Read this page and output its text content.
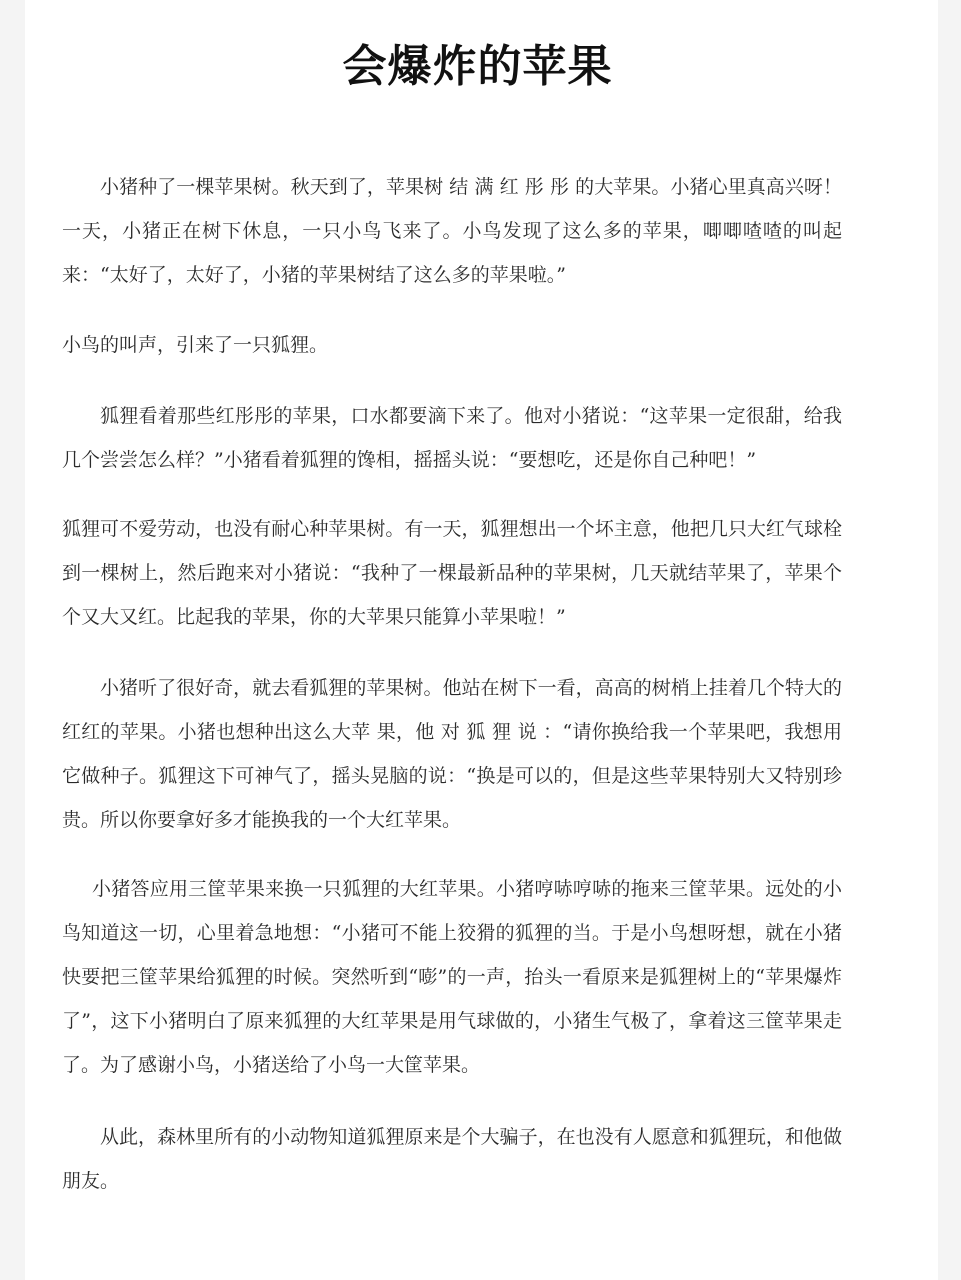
会爆炸的苹果

小猪种了一棵苹果树。秋天到了，苹果树 结 满 红 彤 彤 的大苹果。小猪心里真高兴呀！一天，小猪正在树下休息，一只小鸟飞来了。小鸟发现了这么多的苹果，唧唧喳喳的叫起来：“太好了，太好了，小猪的苹果树结了这么多的苹果啦。”

小鸟的叫声，引来了一只狐狸。

狐狸看着那些红彤彤的苹果，口水都要滴下来了。他对小猪说：“这苹果一定很甜，给我几个尝尝怎么样？”小猪看着狐狸的馋相，摇摇头说：“要想吃，还是你自己种吧！”

狐狸可不爱劳动，也没有耐心种苹果树。有一天，狐狸想出一个坏主意，他把几只大红气球栓到一棵树上，然后跑来对小猪说：“我种了一棵最新品种的苹果树，几天就结苹果了，苹果个个又大又红。比起我的苹果，你的大苹果只能算小苹果啦！”

小猪听了很好奇，就去看狐狸的苹果树。他站在树下一看，高高的树梢上挂着几个特大的红红的苹果。小猪也想种出这么大苹 果，他 对 狐 狸 说 ：“请你换给我一个苹果吧，我想用它做种子。狐狸这下可神气了，摇头晃脑的说：“换是可以的，但是这些苹果特别大又特别珍贵。所以你要拿好多才能换我的一个大红苹果。

小猪答应用三筐苹果来换一只狐狸的大红苹果。小猪哼哧哼哧的拖来三筐苹果。远处的小鸟知道这一切，心里着急地想：“小猪可不能上狡猾的狐狸的当。于是小鸟想呀想，就在小猪快要把三筐苹果给狐狸的时候。突然听到“嘭”的一声，抬头一看原来是狐狸树上的“苹果爆炸了”，这下小猪明白了原来狐狸的大红苹果是用气球做的，小猪生气极了，拿着这三筐苹果走了。为了感谢小鸟，小猪送给了小鸟一大筐苹果。

从此，森林里所有的小动物知道狐狸原来是个大骗子，在也没有人愿意和狐狸玩，和他做朋友。
